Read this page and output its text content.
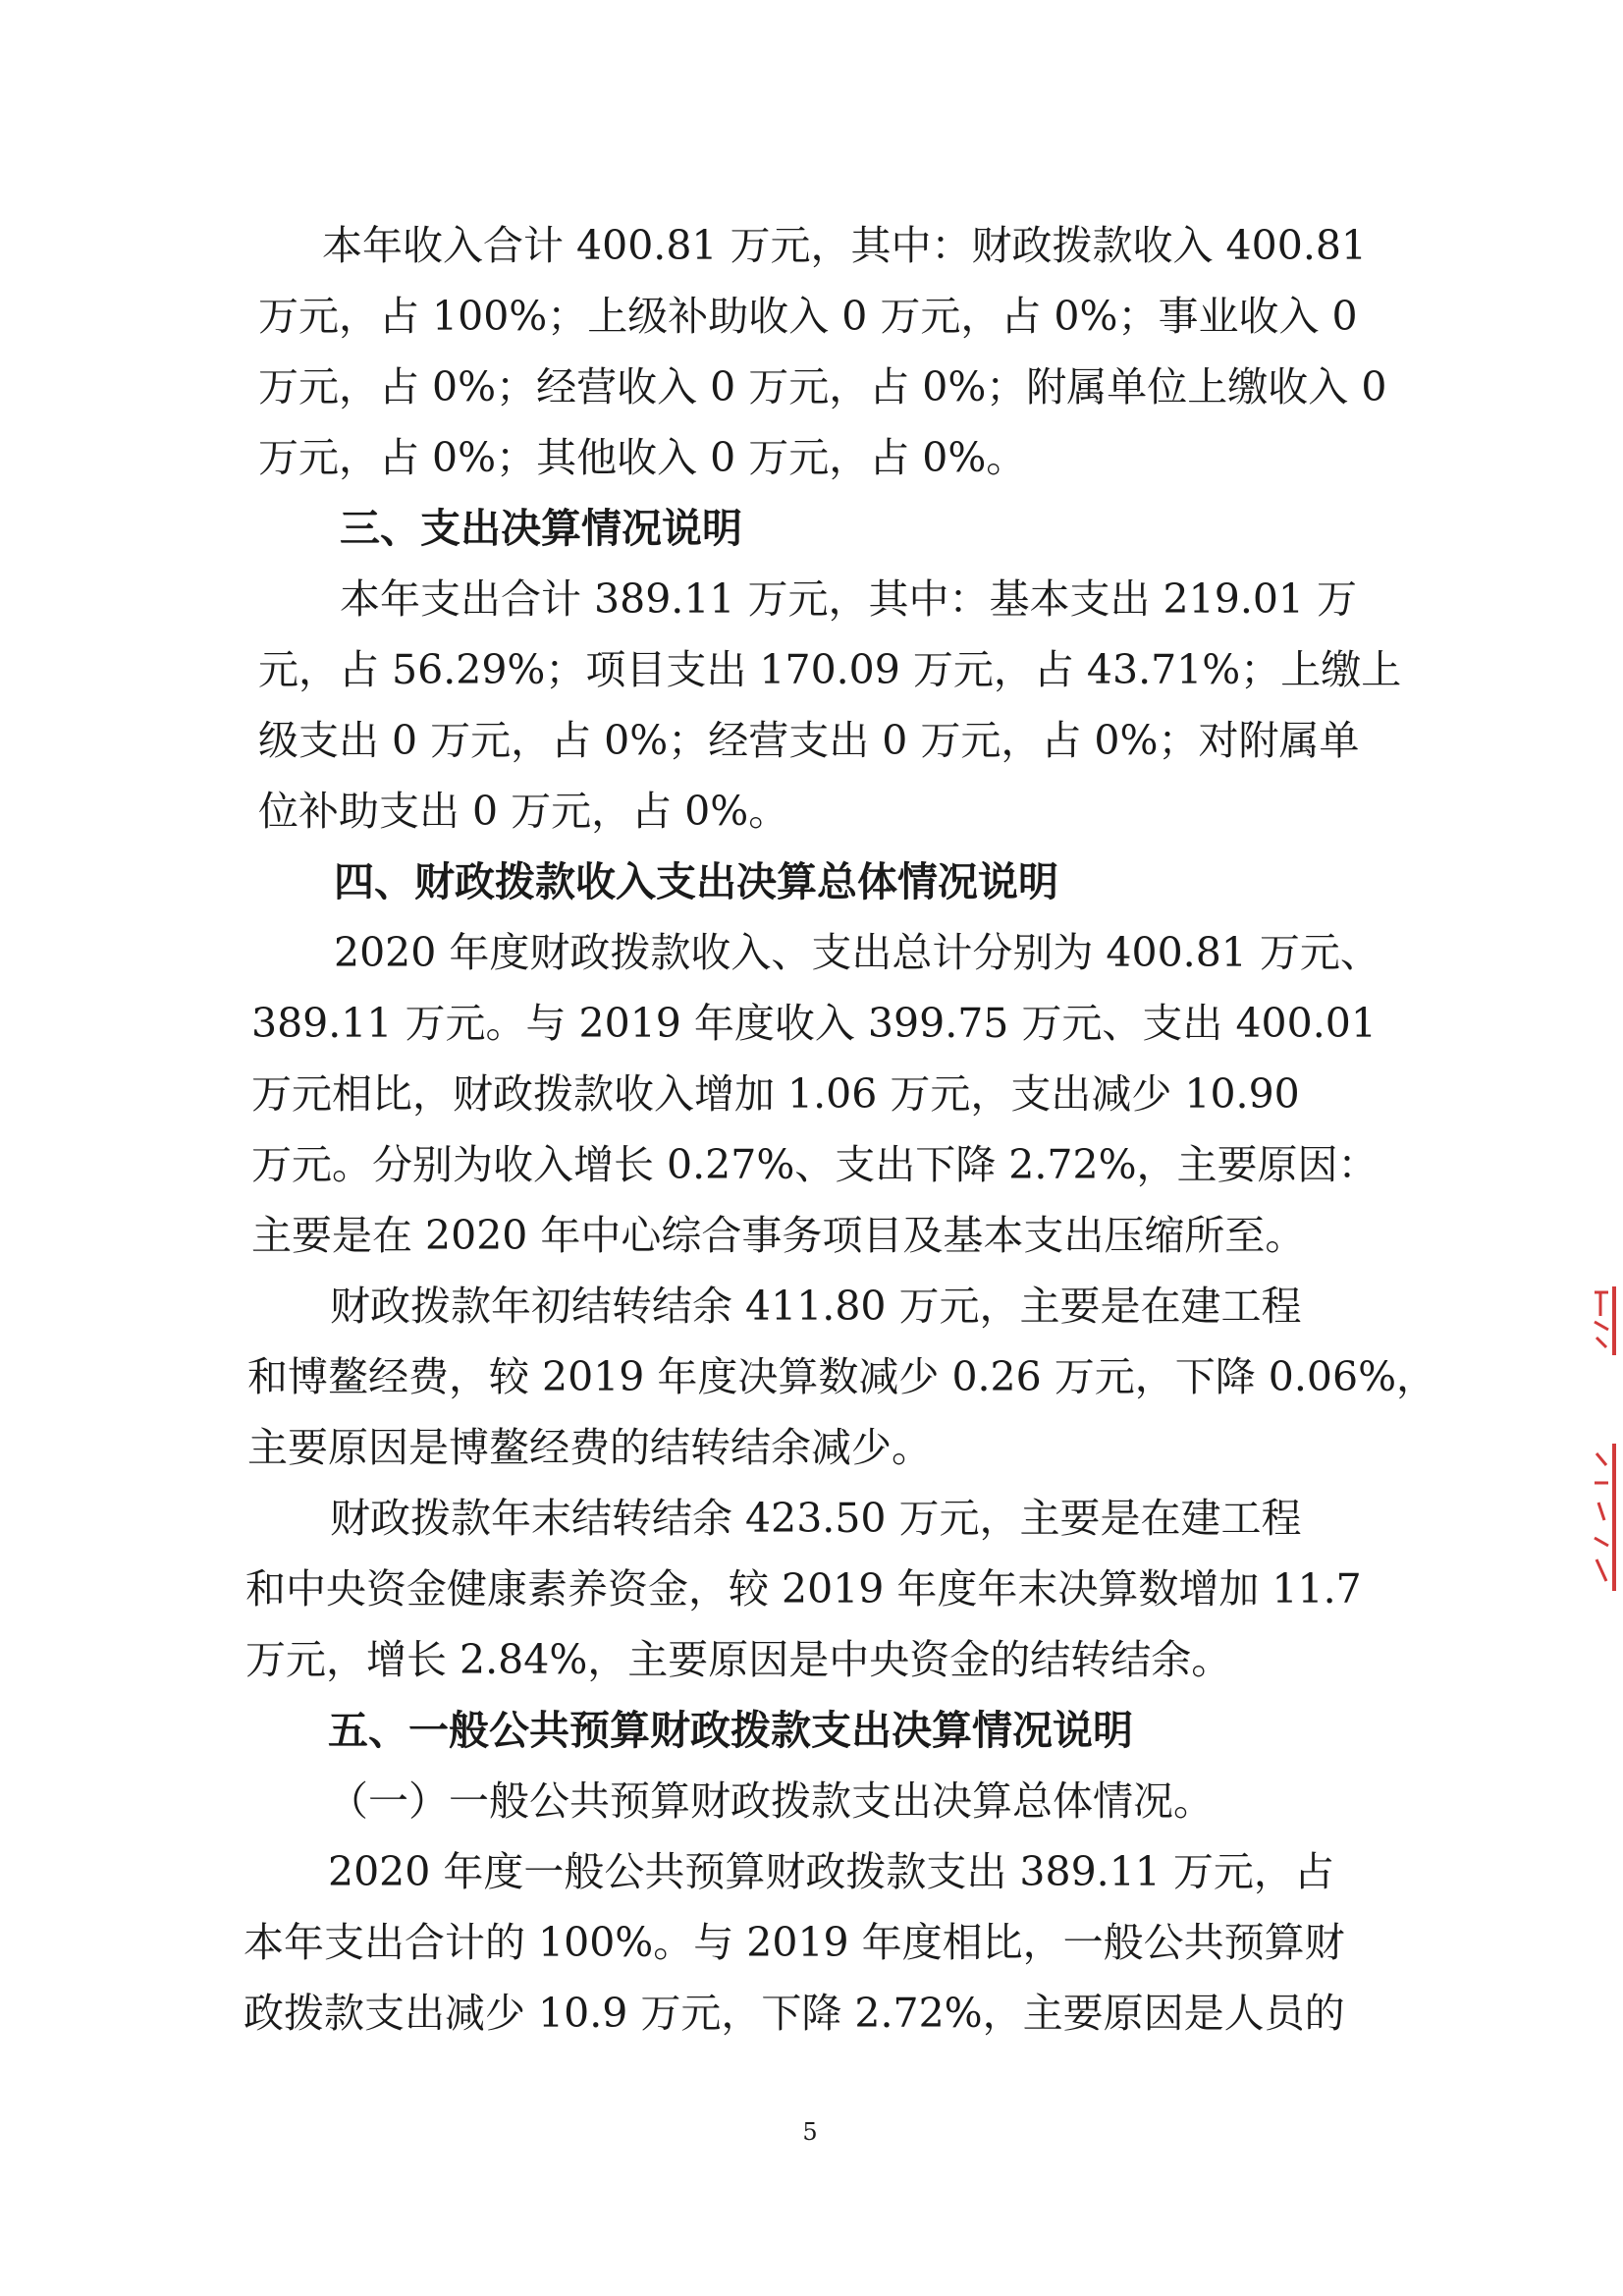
本年收入合计 400.81 万元，其中：财政拨款收入 400.81
万元，占 100%；上级补助收入 0 万元，占 0%；事业收入 0
万元，占 0%；经营收入 0 万元，占 0%；附属单位上缴收入 0
万元，占 0%；其他收入 0 万元，占 0%。
三、支出决算情况说明
本年支出合计 389.11 万元，其中：基本支出 219.01 万
元，占 56.29%；项目支出 170.09 万元，占 43.71%；上缴上
级支出 0 万元，占 0%；经营支出 0 万元，占 0%；对附属单
位补助支出 0 万元，占 0%。
四、财政拨款收入支出决算总体情况说明
2020 年度财政拨款收入、支出总计分别为 400.81 万元、
389.11 万元。与 2019 年度收入 399.75 万元、支出 400.01
万元相比，财政拨款收入增加 1.06 万元，支出减少 10.90
万元。分别为收入增长 0.27%、支出下降 2.72%，主要原因：
主要是在 2020 年中心综合事务项目及基本支出压缩所至。
财政拨款年初结转结余 411.80 万元，主要是在建工程
和博鳌经费，较 2019 年度决算数减少 0.26 万元，下降 0.06%，
主要原因是博鳌经费的结转结余减少。
财政拨款年末结转结余 423.50 万元，主要是在建工程
和中央资金健康素养资金，较 2019 年度年末决算数增加 11.7
万元，增长 2.84%，主要原因是中央资金的结转结余。
五、一般公共预算财政拨款支出决算情况说明
（一）一般公共预算财政拨款支出决算总体情况。
2020 年度一般公共预算财政拨款支出 389.11 万元，占
本年支出合计的 100%。与 2019 年度相比，一般公共预算财
政拨款支出减少 10.9 万元，下降 2.72%，主要原因是人员的
5
